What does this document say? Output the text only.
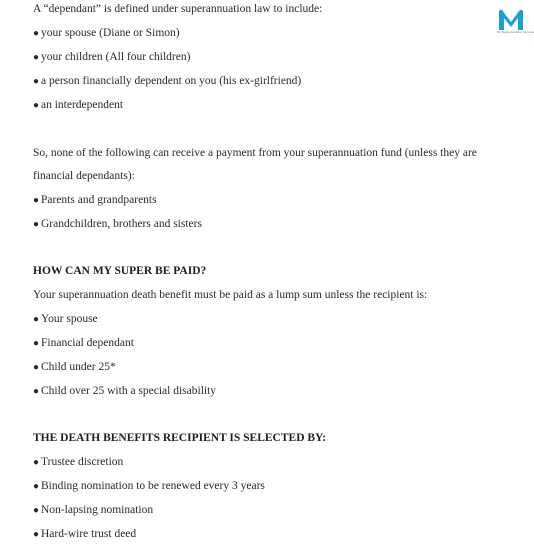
My Superannuation Services
A “dependant” is defined under superannuation law to include:
● your spouse (Diane or Simon)
● your children (All four children)
● a person financially dependent on you (his ex-girlfriend)
● an interdependent
So, none of the following can receive a payment from your superannuation fund (unless they are
financial dependants):
● Parents and grandparents
● Grandchildren, brothers and sisters
HOW CAN MY SUPER BE PAID?
Your superannuation death benefit must be paid as a lump sum unless the recipient is:
● Your spouse
● Financial dependant
● Child under 25*
● Child over 25 with a special disability
THE DEATH BENEFITS RECIPIENT IS SELECTED BY:
● Trustee discretion
● Binding nomination to be renewed every 3 years
● Non-lapsing nomination
● Hard-wire trust deed
